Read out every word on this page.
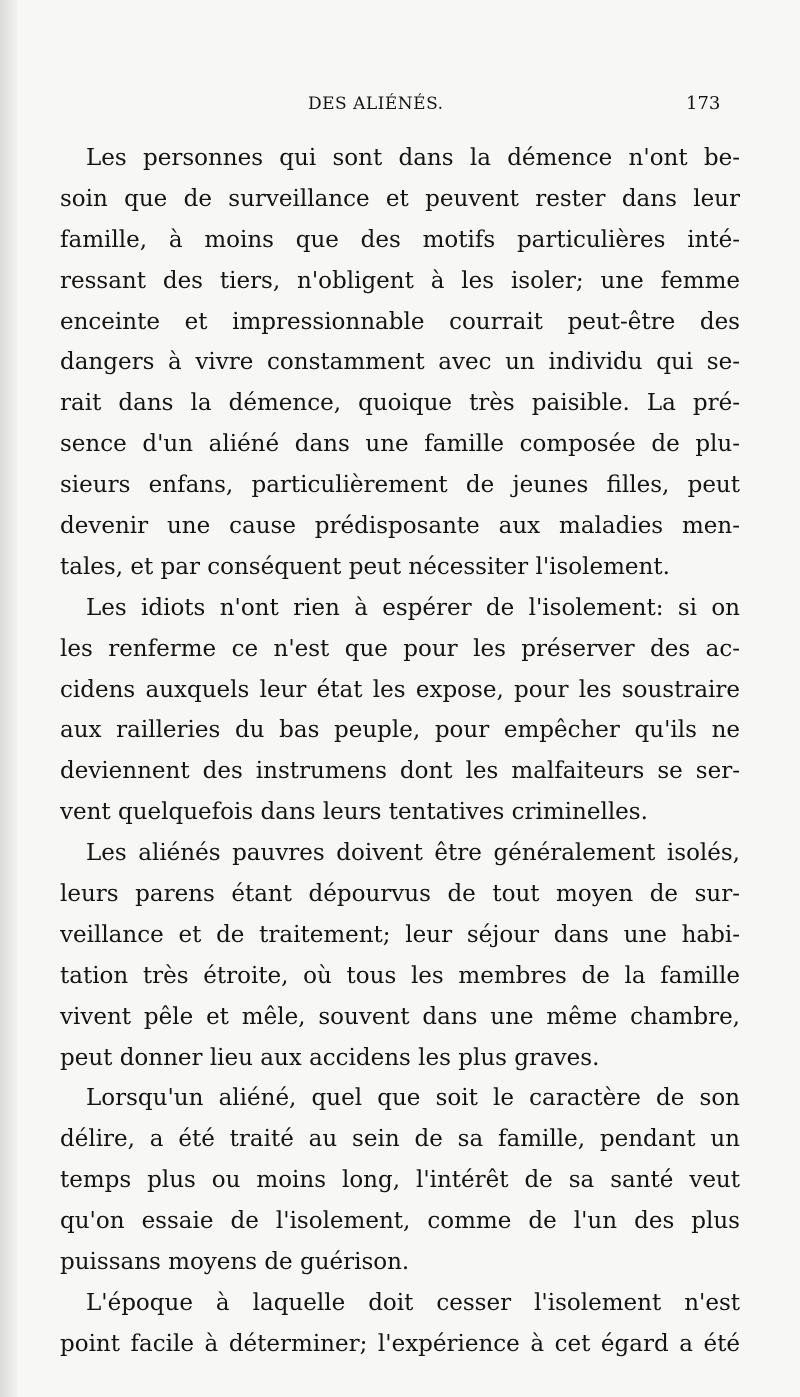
DES ALIÉNÉS.	173
Les personnes qui sont dans la démence n'ont be-
soin que de surveillance et peuvent rester dans leur
famille, à moins que des motifs particulières inté-
ressant des tiers, n'obligent à les isoler; une femme
enceinte et impressionnable courrait peut-être des
dangers à vivre constamment avec un individu qui se-
rait dans la démence, quoique très paisible. La pré-
sence d'un aliéné dans une famille composée de plu-
sieurs enfans, particulièrement de jeunes filles, peut
devenir une cause prédisposante aux maladies men-
tales, et par conséquent peut nécessiter l'isolement.
Les idiots n'ont rien à espérer de l'isolement: si on
les renferme ce n'est que pour les préserver des ac-
cidens auxquels leur état les expose, pour les soustraire
aux railleries du bas peuple, pour empêcher qu'ils ne
deviennent des instrumens dont les malfaiteurs se ser-
vent quelquefois dans leurs tentatives criminelles.
Les aliénés pauvres doivent être généralement isolés,
leurs parens étant dépourvus de tout moyen de sur-
veillance et de traitement; leur séjour dans une habi-
tation très étroite, où tous les membres de la famille
vivent pêle et mêle, souvent dans une même chambre,
peut donner lieu aux accidens les plus graves.
Lorsqu'un aliéné, quel que soit le caractère de son
délire, a été traité au sein de sa famille, pendant un
temps plus ou moins long, l'intérêt de sa santé veut
qu'on essaie de l'isolement, comme de l'un des plus
puissans moyens de guérison.
L'époque à laquelle doit cesser l'isolement n'est
point facile à déterminer; l'expérience à cet égard a été
